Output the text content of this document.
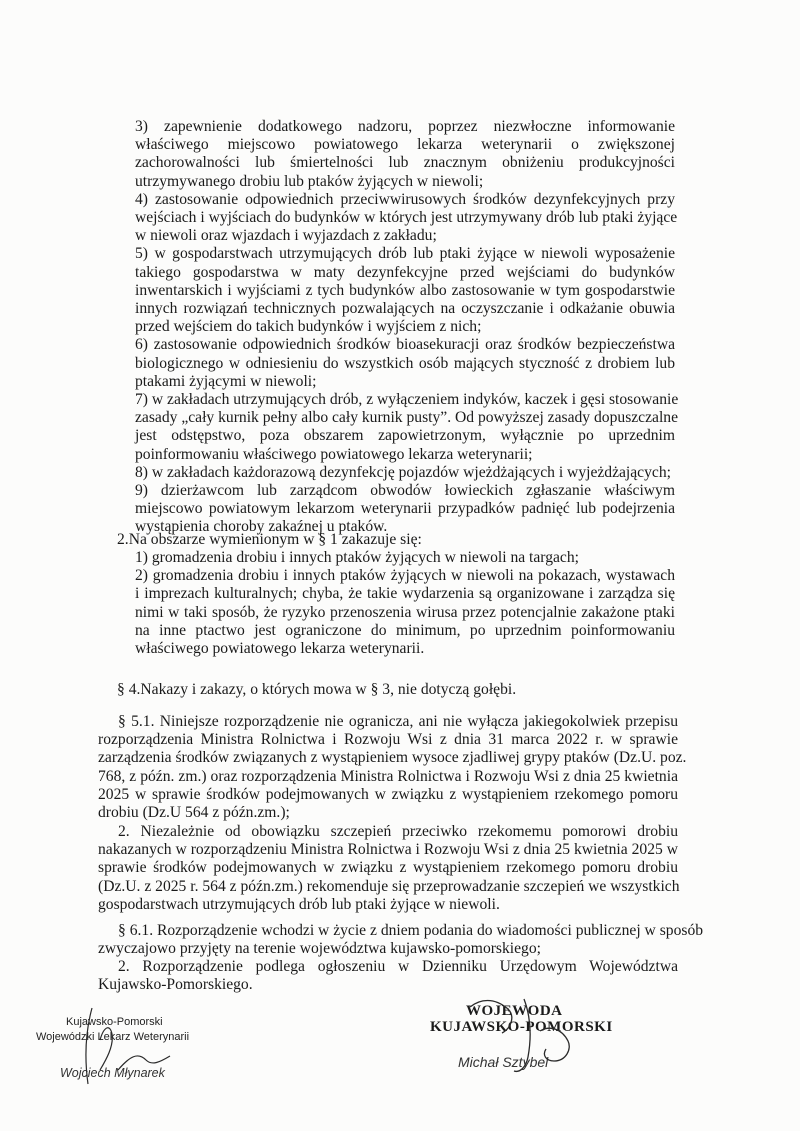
3) zapewnienie dodatkowego nadzoru, poprzez niezwłoczne informowanie
właściwego miejscowo powiatowego lekarza weterynarii o zwiększonej
zachorowalności lub śmiertelności lub znacznym obniżeniu produkcyjności
utrzymywanego drobiu lub ptaków żyjących w niewoli;

4) zastosowanie odpowiednich przeciwwirusowych środków dezynfekcyjnych przy
wejściach i wyjściach do budynków w których jest utrzymywany drób lub ptaki żyjące
w niewoli oraz wjazdach i wyjazdach z zakładu;

5) w gospodarstwach utrzymujących drób lub ptaki żyjące w niewoli wyposażenie
takiego gospodarstwa w maty dezynfekcyjne przed wejściami do budynków
inwentarskich i wyjściami z tych budynków albo zastosowanie w tym gospodarstwie
innych rozwiązań technicznych pozwalających na oczyszczanie i odkażanie obuwia
przed wejściem do takich budynków i wyjściem z nich;

6) zastosowanie odpowiednich środków bioasekuracji oraz środków bezpieczeństwa
biologicznego w odniesieniu do wszystkich osób mających styczność z drobiem lub
ptakami żyjącymi w niewoli;

7) w zakładach utrzymujących drób, z wyłączeniem indyków, kaczek i gęsi stosowanie
zasady „cały kurnik pełny albo cały kurnik pusty”. Od powyższej zasady dopuszczalne
jest odstępstwo, poza obszarem zapowietrzonym, wyłącznie po uprzednim
poinformowaniu właściwego powiatowego lekarza weterynarii;

8) w zakładach każdorazową dezynfekcję pojazdów wjeżdżających i wyjeżdżających;

9) dzierżawcom lub zarządcom obwodów łowieckich zgłaszanie właściwym
miejscowo powiatowym lekarzom weterynarii przypadków padnięć lub podejrzenia
wystąpienia choroby zakaźnej u ptaków.

2.Na obszarze wymienionym w § 1 zakazuje się:

1) gromadzenia drobiu i innych ptaków żyjących w niewoli na targach;

2) gromadzenia drobiu i innych ptaków żyjących w niewoli na pokazach, wystawach
i imprezach kulturalnych; chyba, że takie wydarzenia są organizowane i zarządza się
nimi w taki sposób, że ryzyko przenoszenia wirusa przez potencjalnie zakażone ptaki
na inne ptactwo jest ograniczone do minimum, po uprzednim poinformowaniu
właściwego powiatowego lekarza weterynarii.

§ 4.Nakazy i zakazy, o których mowa w § 3, nie dotyczą gołębi.
§ 5.1. Niniejsze rozporządzenie nie ogranicza, ani nie wyłącza jakiegokolwiek przepisu
rozporządzenia Ministra Rolnictwa i Rozwoju Wsi z dnia 31 marca 2022 r. w sprawie
zarządzenia środków związanych z wystąpieniem wysoce zjadliwej grypy ptaków (Dz.U. poz.
768, z późn. zm.) oraz rozporządzenia Ministra Rolnictwa i Rozwoju Wsi z dnia 25 kwietnia
2025 w sprawie środków podejmowanych w związku z wystąpieniem rzekomego pomoru
drobiu (Dz.U 564 z późn.zm.);
2. Niezależnie od obowiązku szczepień przeciwko rzekomemu pomorowi drobiu
nakazanych w rozporządzeniu Ministra Rolnictwa i Rozwoju Wsi z dnia 25 kwietnia 2025 w
sprawie środków podejmowanych w związku z wystąpieniem rzekomego pomoru drobiu
(Dz.U. z 2025 r. 564 z późn.zm.) rekomenduje się przeprowadzanie szczepień we wszystkich
gospodarstwach utrzymujących drób lub ptaki żyjące w niewoli.
§ 6.1. Rozporządzenie wchodzi w życie z dniem podania do wiadomości publicznej w sposób
zwyczajowo przyjęty na terenie województwa kujawsko-pomorskiego;
2. Rozporządzenie podlega ogłoszeniu w Dzienniku Urzędowym Województwa
Kujawsko-Pomorskiego.
Kujawsko-Pomorski
Wojewódzki Lekarz Weterynarii
Wojciech Młynarek
WOJEWODA
KUJAWSKO-POMORSKI
Michał Sztybel
